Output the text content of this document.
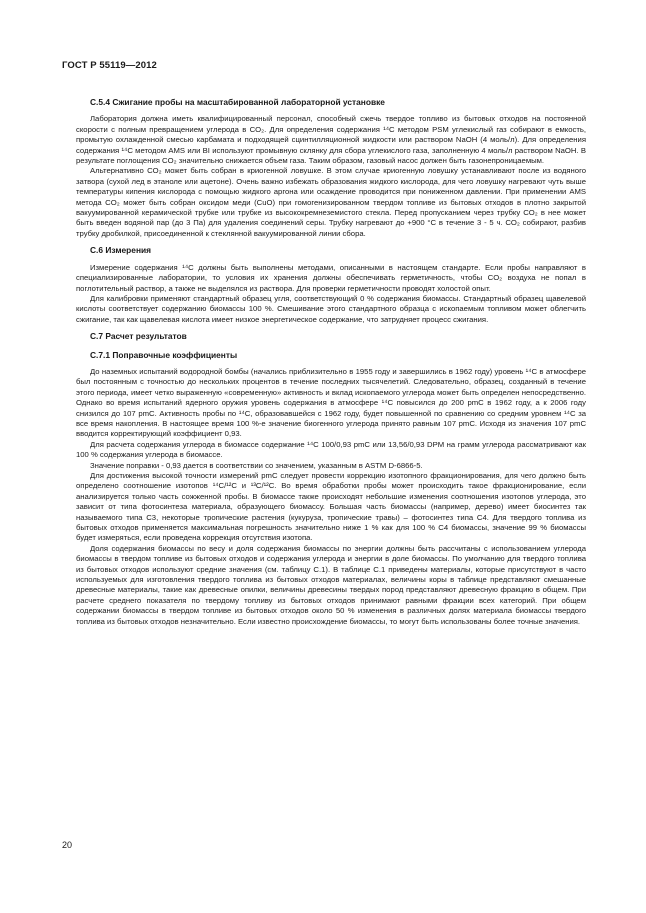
ГОСТ Р 55119—2012
С.5.4 Сжигание пробы на масштабированной лабораторной установке

Лаборатория должна иметь квалифицированный персонал, способный сжечь твердое топливо из бытовых отходов на постоянной скорости с полным превращением углерода в CO₂. Для определения содержания ¹⁴C методом PSM углекислый газ собирают в емкость, промытую охлажденной смесью карбамата и подходящей сцинтилляционной жидкости или раствором NaOH (4 моль/л). Для определения содержания ¹⁴C методом AMS или BI используют промывную склянку для сбора углекислого газа, заполненную 4 моль/л раствором NaOH. В результате поглощения CO₂ значительно снижается объем газа. Таким образом, газовый насос должен быть газонепроницаемым.

Альтернативно CO₂ может быть собран в криогенной ловушке. В этом случае криогенную ловушку устанавливают после из водяного затвора (сухой лед в этаноле или ацетоне). Очень важно избежать образования жидкого кислорода, для чего ловушку нагревают чуть выше температуры кипения кислорода с помощью жидкого аргона или осаждение проводится при пониженном давлении. При применении AMS метода CO₂ может быть собран оксидом меди (CuO) при гомогенизированном твердом топливе из бытовых отходов в плотно закрытой вакуумированной керамической трубке или трубке из высококремнеземистого стекла. Перед пропусканием через трубку CO₂ в нее может быть введен водяной пар (до 3 Па) для удаления соединений серы. Трубку нагревают до +900 °С в течение 3 - 5 ч. CO₂ собирают, разбив трубку дробилкой, присоединенной к стеклянной вакуумированной линии сбора.

С.6 Измерения

Измерение содержания ¹⁴C должны быть выполнены методами, описанными в настоящем стандарте. Если пробы направляют в специализированные лаборатории, то условия их хранения должны обеспечивать герметичность, чтобы CO₂ воздуха не попал в поглотительный раствор, а также не выделялся из раствора. Для проверки герметичности проводят холостой опыт.

Для калибровки применяют стандартный образец угля, соответствующий 0 % содержания биомассы. Стандартный образец щавелевой кислоты соответствует содержанию биомассы 100 %. Смешивание этого стандартного образца с ископаемым топливом может облегчить сжигание, так как щавелевая кислота имеет низкое энергетическое содержание, что затрудняет процесс сжигания.

С.7 Расчет результатов
С.7.1 Поправочные коэффициенты

До наземных испытаний водородной бомбы (начались приблизительно в 1955 году и завершились в 1962 году) уровень ¹⁴C в атмосфере был постоянным с точностью до нескольких процентов в течение последних тысячелетий. Следовательно, образец, созданный в течение этого периода, имеет четко выраженную «современную» активность и вклад ископаемого углерода может быть определен непосредственно. Однако во время испытаний ядерного оружия уровень содержания в атмосфере ¹⁴C повысился до 200 pmC в 1962 году, а к 2006 году снизился до 107 pmC. Активность пробы по ¹⁴C, образовавшейся с 1962 году, будет повышенной по сравнению со средним уровнем ¹⁴C за все время накопления. В настоящее время 100 %-е значение биогенного углерода принято равным 107 pmC. Исходя из значения 107 pmC вводится корректирующий коэффициент 0,93.

Для расчета содержания углерода в биомассе содержание ¹⁴C 100/0,93 pmC или 13,56/0,93 DPM на грамм углерода рассматривают как 100 % содержания углерода в биомассе.

Значение поправки - 0,93 дается в соответствии со значением, указанным в ASTM D-6866-5.

Для достижения высокой точности измерений pmC следует провести коррекцию изотопного фракционирования, для чего должно быть определено соотношение изотопов ¹⁴C/¹²C и ¹³C/¹²C. Во время обработки пробы может происходить такое фракционирование, если анализируется только часть сожженной пробы. В биомассе также происходят небольшие изменения соотношения изотопов углерода, это зависит от типа фотосинтеза материала, образующего биомассу. Большая часть биомассы (например, дерево) имеет биосинтез так называемого типа С3, некоторые тропические растения (кукуруза, тропические травы) – фотосинтез типа С4. Для твердого топлива из бытовых отходов применяется максимальная погрешность значительно ниже 1 % как для 100 % С4 биомассы, значение 99 % биомассы будет измеряться, если проведена коррекция отсутствия изотопа.

Доля содержания биомассы по весу и доля содержания биомассы по энергии должны быть рассчитаны с использованием углерода биомассы в твердом топливе из бытовых отходов и содержания углерода и энергии в доле биомассы. По умолчанию для твердого топлива из бытовых отходов используют средние значения (см. таблицу С.1). В таблице С.1 приведены материалы, которые присутствуют в часто используемых для изготовления твердого топлива из бытовых отходов материалах, величины коры в таблице представляют смешанные древесные материалы, такие как древесные опилки, величины древесины твердых пород представляют древесную фракцию в общем. При расчете среднего показателя по твердому топливу из бытовых отходов принимают равными фракции всех категорий. При общем содержании биомассы в твердом топливе из бытовых отходов около 50 % изменения в различных долях материала биомассы твердого топлива из бытовых отходов незначительно. Если известно происхождение биомассы, то могут быть использованы более точные значения.

20
